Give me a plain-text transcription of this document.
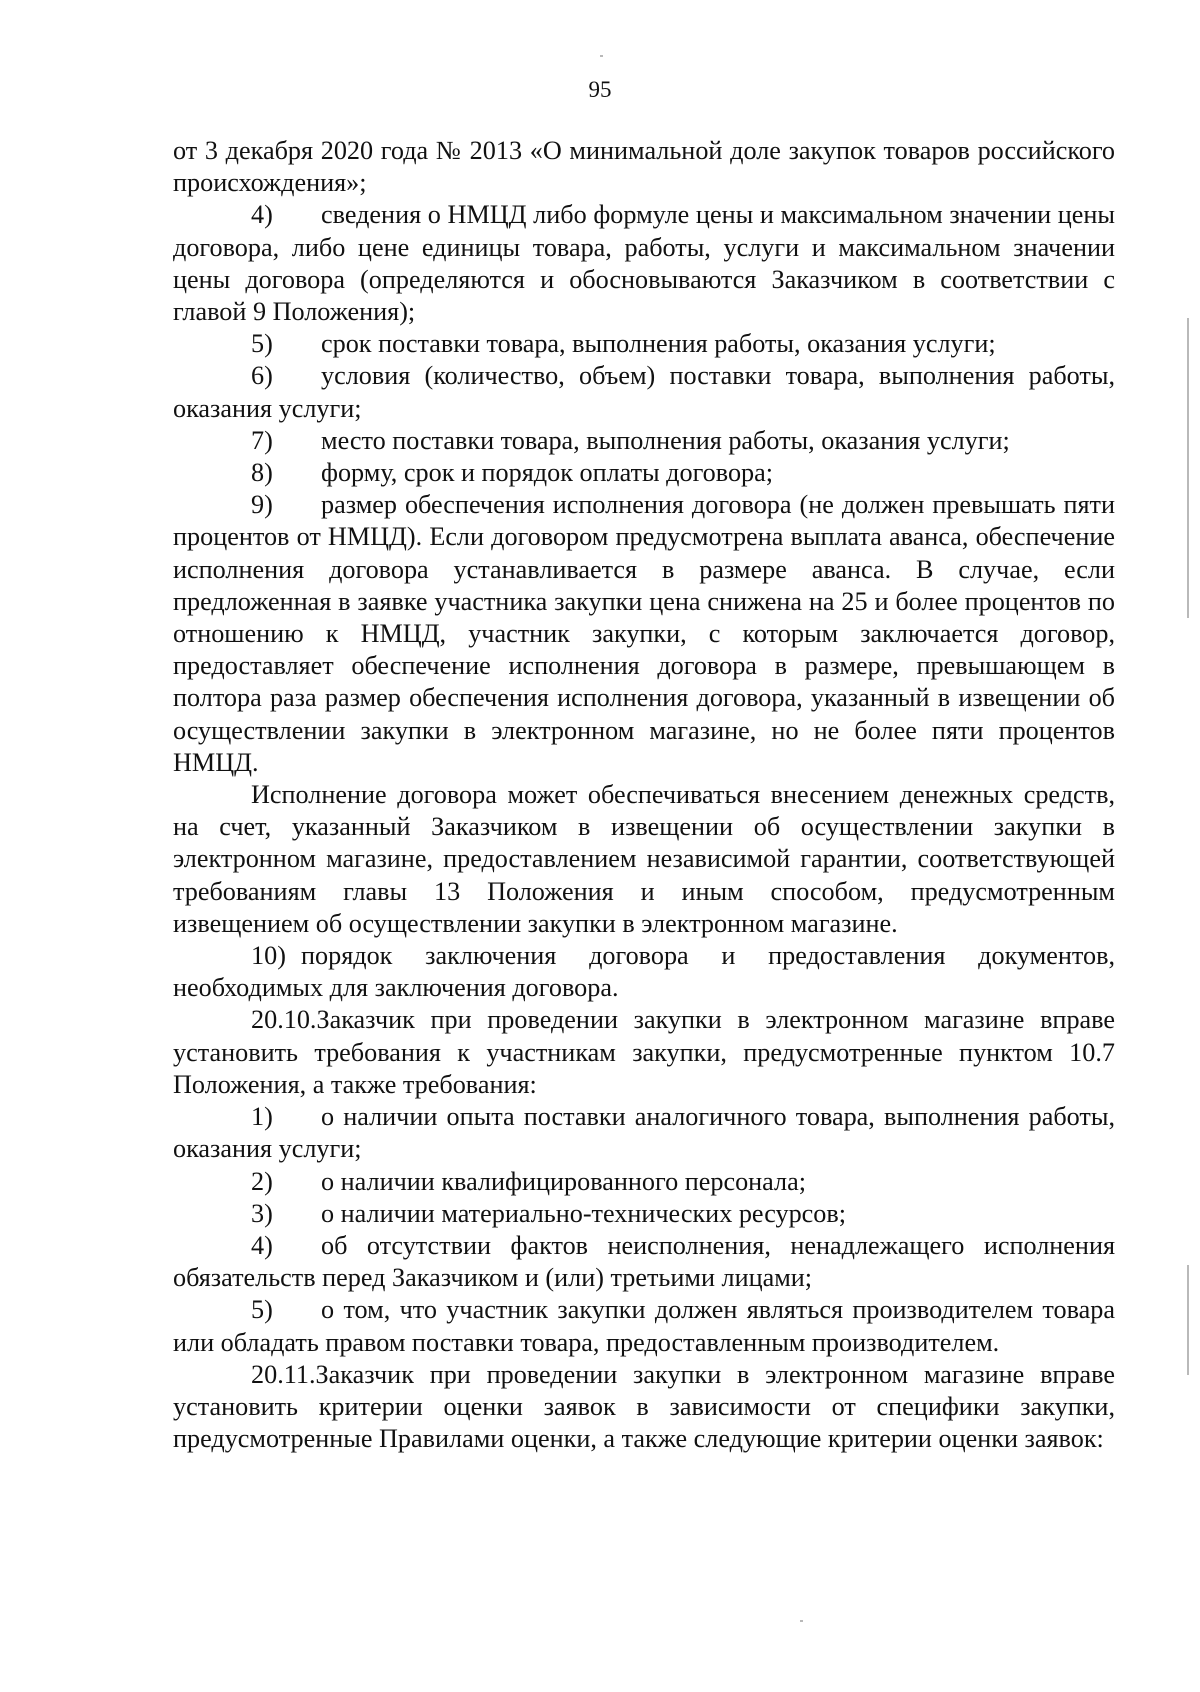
95

от 3 декабря 2020 года № 2013 «О минимальной доле закупок товаров российского происхождения»;

4) сведения о НМЦД либо формуле цены и максимальном значении цены договора, либо цене единицы товара, работы, услуги и максимальном значении цены договора (определяются и обосновываются Заказчиком в соответствии с главой 9 Положения);

5) срок поставки товара, выполнения работы, оказания услуги;

6) условия (количество, объем) поставки товара, выполнения работы, оказания услуги;

7) место поставки товара, выполнения работы, оказания услуги;

8) форму, срок и порядок оплаты договора;

9) размер обеспечения исполнения договора (не должен превышать пяти процентов от НМЦД). Если договором предусмотрена выплата аванса, обеспечение исполнения договора устанавливается в размере аванса. В случае, если предложенная в заявке участника закупки цена снижена на 25 и более процентов по отношению к НМЦД, участник закупки, с которым заключается договор, предоставляет обеспечение исполнения договора в размере, превышающем в полтора раза размер обеспечения исполнения договора, указанный в извещении об осуществлении закупки в электронном магазине, но не более пяти процентов НМЦД.

Исполнение договора может обеспечиваться внесением денежных средств, на счет, указанный Заказчиком в извещении об осуществлении закупки в электронном магазине, предоставлением независимой гарантии, соответствующей требованиям главы 13 Положения и иным способом, предусмотренным извещением об осуществлении закупки в электронном магазине.

10) порядок заключения договора и предоставления документов, необходимых для заключения договора.

20.10.Заказчик при проведении закупки в электронном магазине вправе установить требования к участникам закупки, предусмотренные пунктом 10.7 Положения, а также требования:

1) о наличии опыта поставки аналогичного товара, выполнения работы, оказания услуги;

2) о наличии квалифицированного персонала;

3) о наличии материально-технических ресурсов;

4) об отсутствии фактов неисполнения, ненадлежащего исполнения обязательств перед Заказчиком и (или) третьими лицами;

5) о том, что участник закупки должен являться производителем товара или обладать правом поставки товара, предоставленным производителем.

20.11.Заказчик при проведении закупки в электронном магазине вправе установить критерии оценки заявок в зависимости от специфики закупки, предусмотренные Правилами оценки, а также следующие критерии оценки заявок:
